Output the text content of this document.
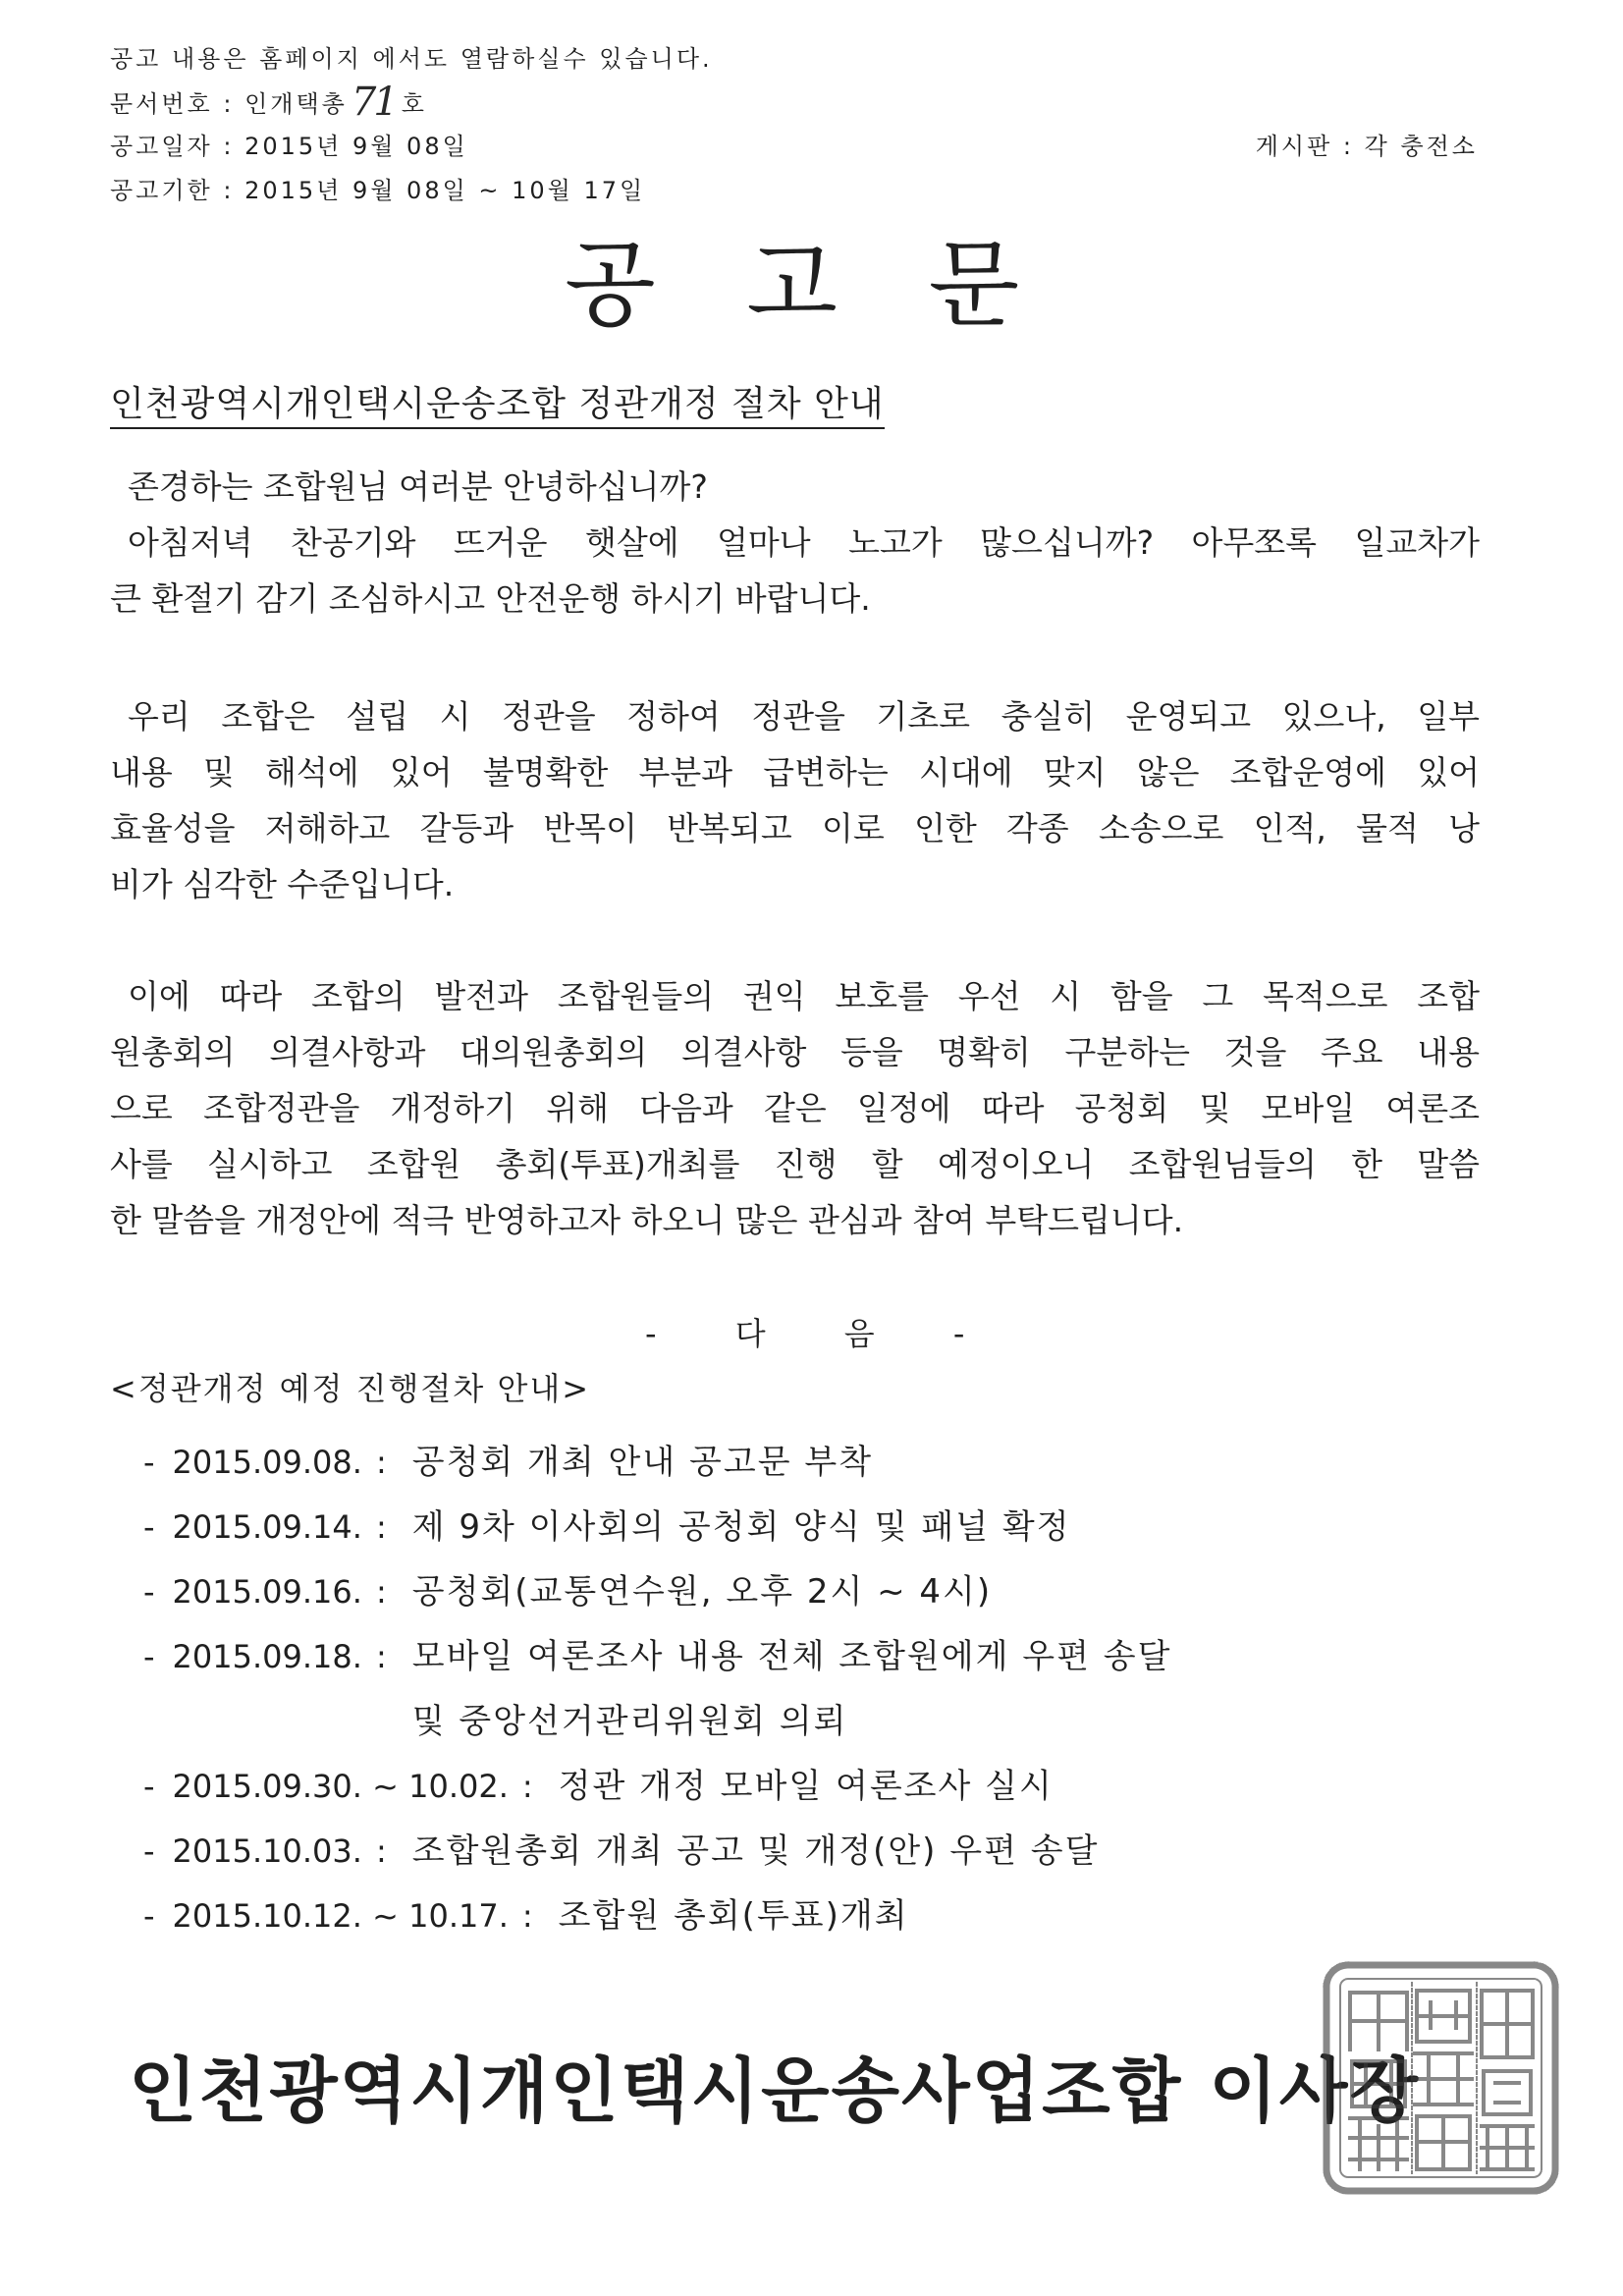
공고 내용은 홈페이지 에서도 열람하실수 있습니다.
문서번호 : 인개택총 71 호
공고일자 : 2015년 9월 08일	게시판 : 각 충전소
공고기한 : 2015년 9월 08일 ~ 10월 17일
공 고 문
인천광역시개인택시운송조합 정관개정 절차 안내
존경하는 조합원님 여러분 안녕하십니까?
아침저녁 찬공기와 뜨거운 햇살에 얼마나 노고가 많으십니까? 아무쪼록 일교차가
큰 환절기 감기 조심하시고 안전운행 하시기 바랍니다.
우리 조합은 설립 시 정관을 정하여 정관을 기초로 충실히 운영되고 있으나, 일부
내용 및 해석에 있어 불명확한 부분과 급변하는 시대에 맞지 않은 조합운영에 있어
효율성을 저해하고 갈등과 반목이 반복되고 이로 인한 각종 소송으로 인적, 물적 낭
비가 심각한 수준입니다.
이에 따라 조합의 발전과 조합원들의 권익 보호를 우선 시 함을 그 목적으로 조합
원총회의 의결사항과 대의원총회의 의결사항 등을 명확히 구분하는 것을 주요 내용
으로 조합정관을 개정하기 위해 다음과 같은 일정에 따라 공청회 및 모바일 여론조
사를 실시하고 조합원 총회(투표)개최를 진행 할 예정이오니 조합원님들의 한 말씀
한 말씀을 개정안에 적극 반영하고자 하오니 많은 관심과 참여 부탁드립니다.
- 다 음 -
<정관개정 예정 진행절차 안내>
- 2015.09.08. : 공청회 개최 안내 공고문 부착
- 2015.09.14. : 제 9차 이사회의 공청회 양식 및 패널 확정
- 2015.09.16. : 공청회(교통연수원, 오후 2시 ~ 4시)
- 2015.09.18. : 모바일 여론조사 내용 전체 조합원에게 우편 송달
및 중앙선거관리위원회 의뢰
- 2015.09.30. ~ 10.02. : 정관 개정 모바일 여론조사 실시
- 2015.10.03. : 조합원총회 개최 공고 및 개정(안) 우편 송달
- 2015.10.12. ~ 10.17. : 조합원 총회(투표)개최
인천광역시개인택시운송사업조합 이사장
